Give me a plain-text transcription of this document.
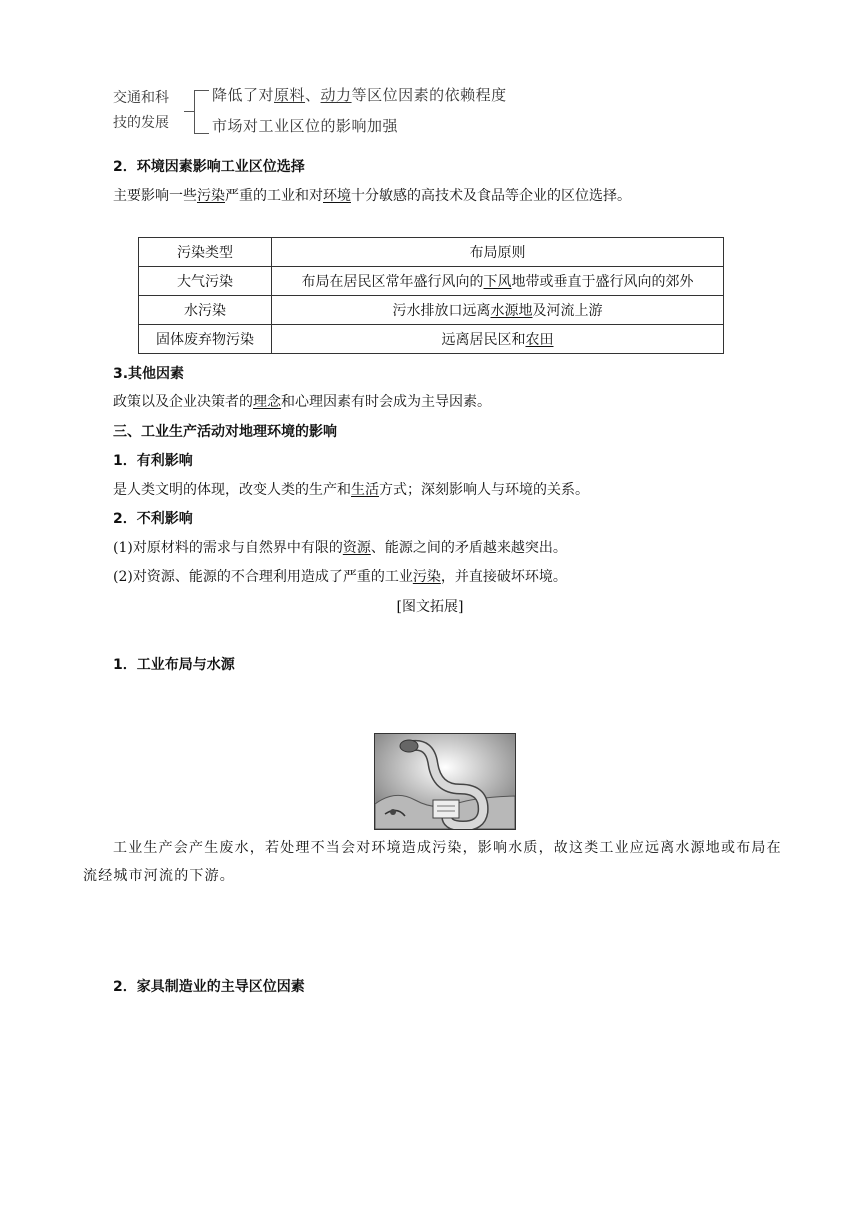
交通和科
技的发展
降低了对原料、动力等区位因素的依赖程度
市场对工业区位的影响加强
2．环境因素影响工业区位选择
主要影响一些污染严重的工业和对环境十分敏感的高技术及食品等企业的区位选择。
污染类型	布局原则
大气污染	布局在居民区常年盛行风向的下风地带或垂直于盛行风向的郊外
水污染	污水排放口远离水源地及河流上游
固体废弃物污染	远离居民区和农田
3.其他因素
政策以及企业决策者的理念和心理因素有时会成为主导因素。
三、工业生产活动对地理环境的影响
1．有利影响
是人类文明的体现，改变人类的生产和生活方式；深刻影响人与环境的关系。
2．不利影响
(1)对原材料的需求与自然界中有限的资源、能源之间的矛盾越来越突出。
(2)对资源、能源的不合理利用造成了严重的工业污染，并直接破坏环境。
[图文拓展]
1．工业布局与水源
工业生产会产生废水，若处理不当会对环境造成污染，影响水质，故这类工业应远离水源地或布局在
流经城市河流的下游。
2．家具制造业的主导区位因素
